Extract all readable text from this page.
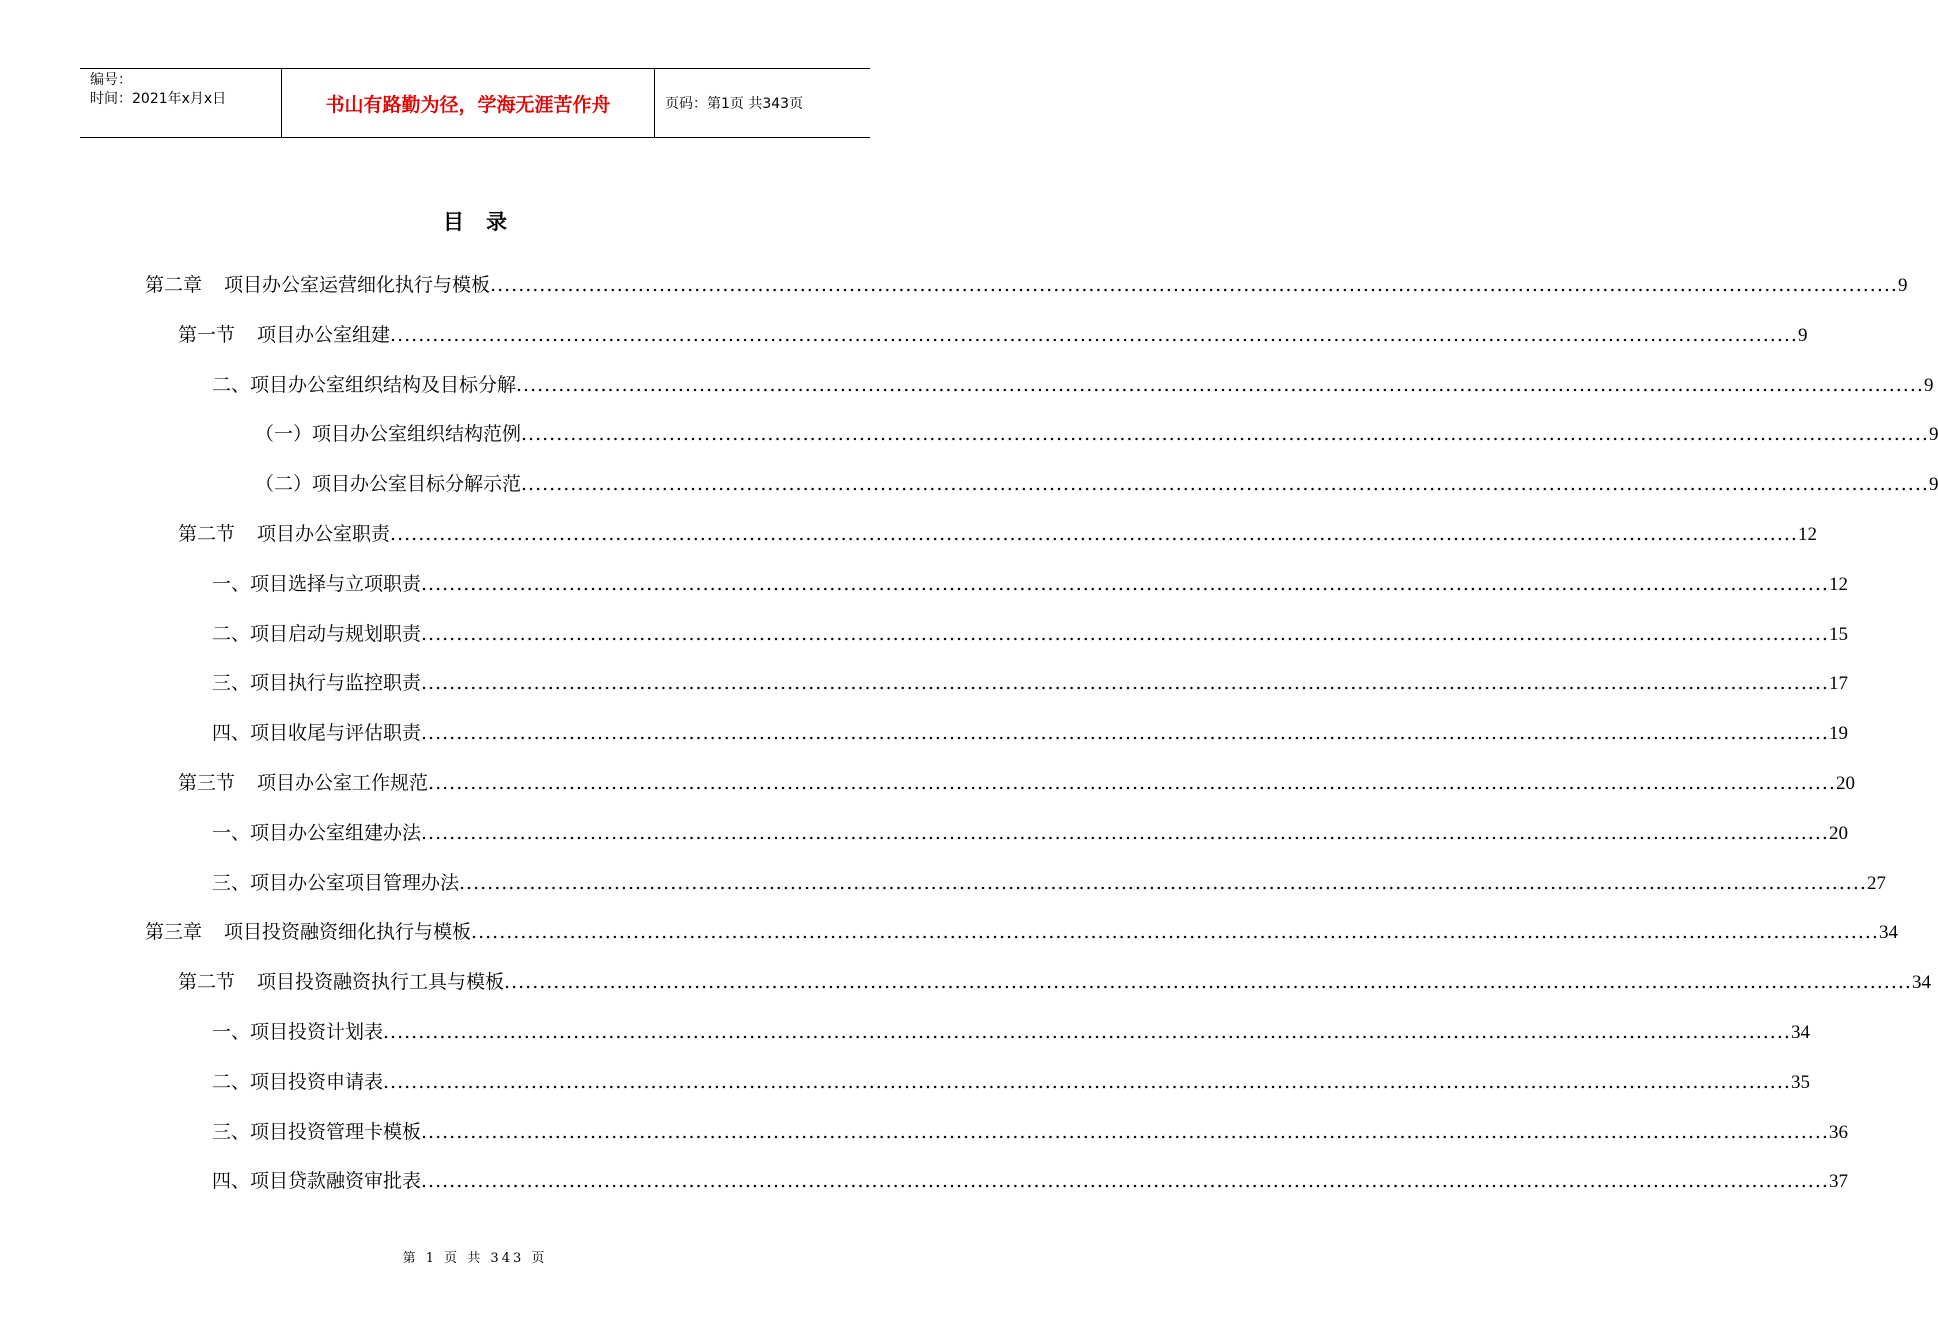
编号：
时间：2021年x月x日	书山有路勤为径，学海无涯苦作舟	页码：第1页 共343页
目录
第二章 项目办公室运营细化执行与模板 ........................................................................................................................................................................................................ 9
第一节 项目办公室组建 ........................................................................................................................................................................................................ 9
二、项目办公室组织结构及目标分解 ........................................................................................................................................................................................................ 9
（一）项目办公室组织结构范例 ........................................................................................................................................................................................................ 9
（二）项目办公室目标分解示范 ........................................................................................................................................................................................................ 9
第二节 项目办公室职责 ........................................................................................................................................................................................................ 12
一、项目选择与立项职责 ........................................................................................................................................................................................................ 12
二、项目启动与规划职责 ........................................................................................................................................................................................................ 15
三、项目执行与监控职责 ........................................................................................................................................................................................................ 17
四、项目收尾与评估职责 ........................................................................................................................................................................................................ 19
第三节 项目办公室工作规范 ........................................................................................................................................................................................................ 20
一、项目办公室组建办法 ........................................................................................................................................................................................................ 20
三、项目办公室项目管理办法 ........................................................................................................................................................................................................ 27
第三章 项目投资融资细化执行与模板 ........................................................................................................................................................................................................ 34
第二节 项目投资融资执行工具与模板 ........................................................................................................................................................................................................ 34
一、项目投资计划表 ........................................................................................................................................................................................................ 34
二、项目投资申请表 ........................................................................................................................................................................................................ 35
三、项目投资管理卡模板 ........................................................................................................................................................................................................ 36
四、项目贷款融资审批表 ........................................................................................................................................................................................................ 37
第 1 页 共 343 页
